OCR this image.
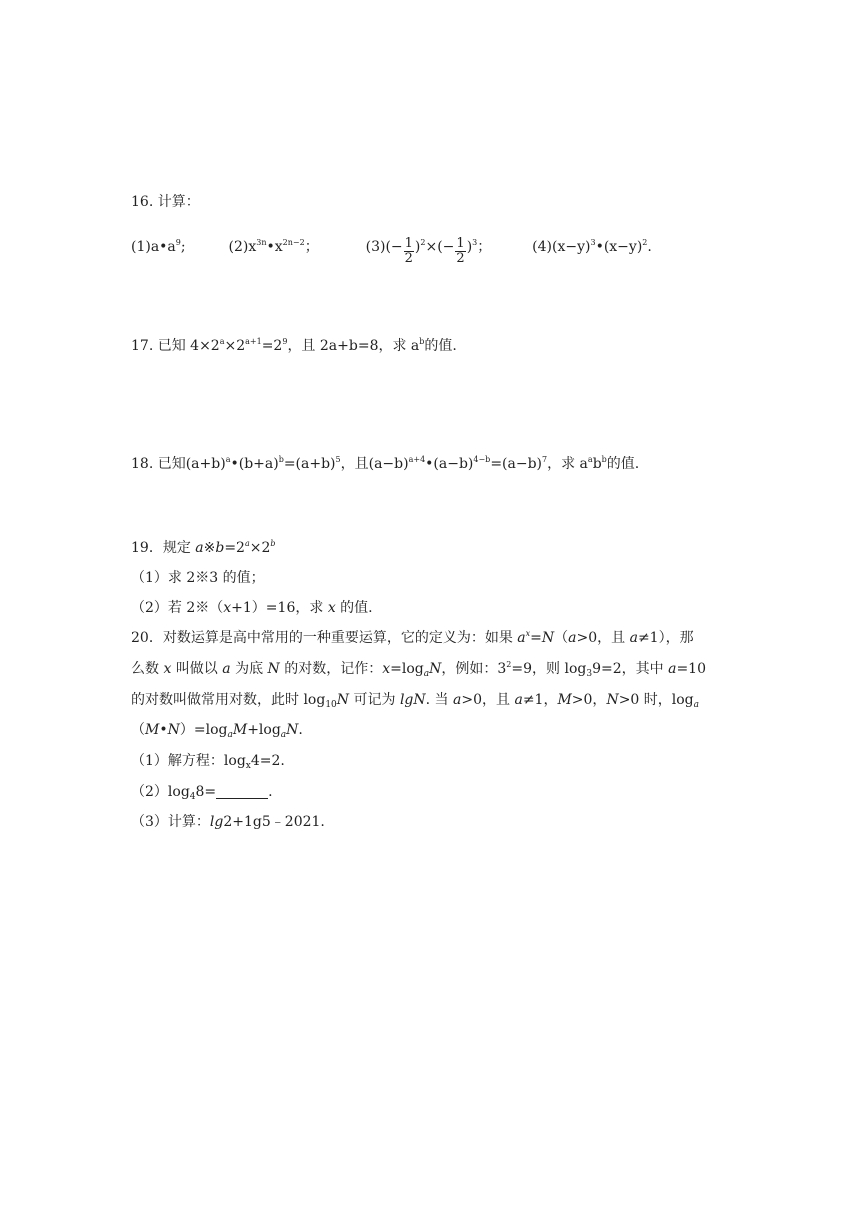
16. 计算：
$(1)a•a^9$;	$(2)x^{3n}•x^{2n-2}$；	$(3)(- \frac{1}{2} )^2\times(- \frac{1}{2} )^3$；	$(4)(x-y)^3•(x-y)^2$.
17. 已知 $4\times 2^a\times 2^{a+1}=2^9$，且 2a+b=8，求 $a^b$的值.
18. 已知$(a+b)^a•(b+a)^b=(a+b)^5$，且$(a-b)^{a+4}•(a-b)^{4-b}=(a-b)^7$，求 $a^ab^b$的值.
19．规定 $a※b=2^a\times 2^b$
（1）求 2※3 的值；
（2）若 2※（x+1）=16，求 x 的值.
20．对数运算是高中常用的一种重要运算，它的定义为：如果 $a^x=N(a>0$，且 a≠1），那
么数 x 叫做以 a 为底 N 的对数，记作：$x=\log_aN$，例如：$3^2=9$，则 $\log_39=2$，其中 a=10
的对数叫做常用对数，此时 $\log_{10}N$ 可记为 lgN. 当 a>0，且 a≠1，M>0，N>0 时，$\log_a$
$(M•N)=\log_aM+\log_aN$.
（1）解方程：$\log_x4=2$.
$(2)\log_48=$	.
（3）计算：lg2+1g5﹣2021.
